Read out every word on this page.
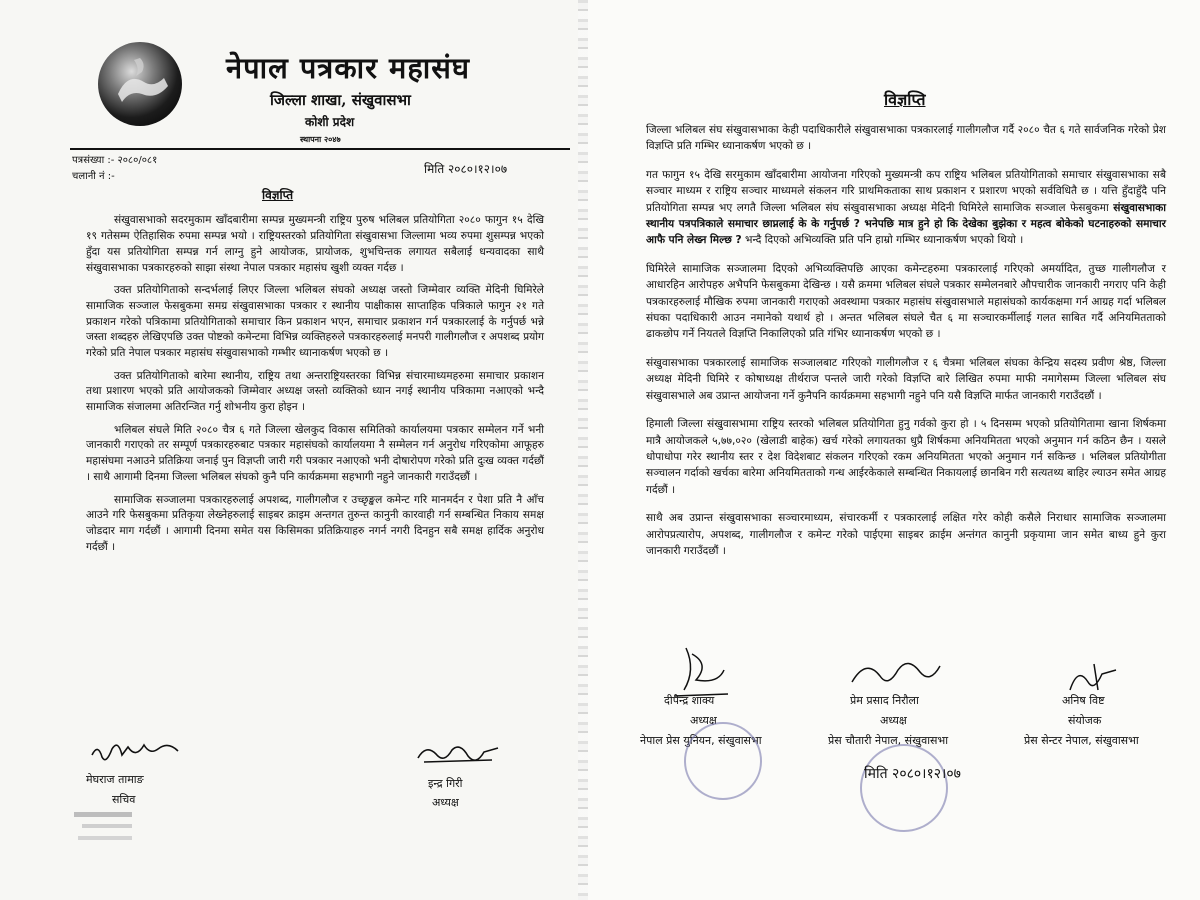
नेपाल पत्रकार महासंघ
जिल्ला शाखा, संखुवासभा
कोशी प्रदेश
स्थापना २०४७
पत्रसंख्या :- २०८०/०८१
चलानी नं :-
मिति २०८०।१२।०७
विज्ञप्ति

संखुवासभाको सदरमुकाम खाँदबारीमा सम्पन्न मुख्यमन्त्री राष्ट्रिय पुरुष भलिबल प्रतियोगिता २०८० फागुन १५ देखि १९ गतेसम्म ऐतिहासिक रुपमा सम्पन्न भयो । राष्ट्रियस्तरको प्रतियोगिता संखुवासभा जिल्लामा भव्य रुपमा शुसम्पन्न भएको हुँदा यस प्रतियोगिता सम्पन्न गर्न लाग्नु हुने आयोजक, प्रायोजक, शुभचिन्तक लगायत सबैलाई धन्यवादका साथै संखुवासभाका पत्रकारहरुको साझा संस्था नेपाल पत्रकार महासंघ खुशी व्यक्त गर्दछ ।

उक्त प्रतियोगिताको सन्दर्भलाई लिएर जिल्ला भलिबल संघको अध्यक्ष जस्तो जिम्मेवार व्यक्ति मेदिनी घिमिरेले सामाजिक सञ्जाल फेसबुकमा समग्र संखुवासभाका पत्रकार र स्थानीय पाक्षीकास साप्ताहिक पत्रिकाले फागुन २१ गते प्रकाशन गरेको पत्रिकामा प्रतियोगिताको समाचार किन प्रकाशन भएन, समाचार प्रकाशन गर्न पत्रकारलाई के गर्नुपर्छ भन्ने जस्ता शब्दहरु लेखिएपछि उक्त पोष्टको कमेन्टमा विभिन्न व्यक्तिहरुले पत्रकारहरुलाई मनपरी गालीगलौज र अपशब्द प्रयोग गरेको प्रति नेपाल पत्रकार महासंघ संखुवासभाको गम्भीर ध्यानाकर्षण भएको छ ।

उक्त प्रतियोगिताको बारेमा स्थानीय, राष्ट्रिय तथा अन्तराष्ट्रियस्तरका विभिन्न संचारमाध्यमहरुमा समाचार प्रकाशन तथा प्रशारण भएको प्रति आयोजकको जिम्मेवार अध्यक्ष जस्तो व्यक्तिको ध्यान नगई स्थानीय पत्रिकामा नआएको भन्दै सामाजिक संजालमा अतिरन्जित गर्नु शोभनीय कुरा होइन ।

भलिबल संघले मिति २०८० चैत्र ६ गते जिल्ला खेलकुद विकास समितिको कार्यालयमा पत्रकार सम्मेलन गर्ने भनी जानकारी गराएको तर सम्पूर्ण पत्रकारहरुबाट पत्रकार महासंघको कार्यालयमा नै सम्मेलन गर्न अनुरोध गरिएकोमा आफूहरु महासंघमा नआउने प्रतिक्रिया जनाई पुन विज्ञप्ती जारी गरी पत्रकार नआएको भनी दोषारोपण गरेको प्रति दुःख व्यक्त गर्दछौं । साथै आगामी दिनमा जिल्ला भलिबल संघको कुनै पनि कार्यक्रममा सहभागी नहुने जानकारी गराउँदछौं ।

सामाजिक सञ्जालमा पत्रकारहरुलाई अपशब्द, गालीगलौज र उच्छृङ्खल कमेन्ट गरि मानमर्दन र पेशा प्रति नै आँच आउने गरि फेसबुकमा प्रतिकृया लेख्नेहरुलाई साइबर क्राइम अन्तगत तुरुन्त कानुनी कारवाही गर्न सम्बन्धित निकाय समक्ष जोडदार माग गर्दछौं । आगामी दिनमा समेत यस किसिमका प्रतिक्रियाहरु नगर्न नगरी दिनहुन सबै समक्ष हार्दिक अनुरोध गर्दछौं ।

मेघराज तामाङ
सचिव
इन्द्र गिरी
अध्यक्ष
विज्ञप्ति

जिल्ला भलिबल संघ संखुवासभाका केही पदाधिकारीले संखुवासभाका पत्रकारलाई गालीगलौज गर्दै २०८० चैत ६ गते सार्वजनिक गरेको प्रेश विज्ञप्ति प्रति गम्भिर ध्यानाकर्षण भएको छ ।

गत फागुन १५ देखि सरमुकाम खाँदबारीमा आयोजना गरिएको मुख्यमन्त्री कप राष्ट्रिय भलिबल प्रतियोगिताको समाचार संखुवासभाका सबै सञ्चार माध्यम र राष्ट्रिय सञ्चार माध्यमले संकलन गरि प्राथमिकताका साथ प्रकाशन र प्रशारण भएको सर्वविधितै छ । यत्ति हुँदाहुँदै पनि प्रतियोगिता सम्पन्न भए लगतै जिल्ला भलिबल संघ संखुवासभाका अध्यक्ष मेदिनी घिमिरेले सामाजिक सञ्जाल फेसबुकमा संखुवासभाका स्थानीय पत्रपत्रिकाले समाचार छाप्नलाई के के गर्नुपर्छ ? भनेपछि मात्र हुने हो कि देखेका बुझेका र महत्व बोकेको घटनाहरुको समाचार आफै पनि लेख्न मिल्छ ? भन्दै दिएको अभिव्यक्ति प्रति पनि हाम्रो गम्भिर ध्यानाकर्षण भएको थियो ।

घिमिरेले सामाजिक सञ्जालमा दिएको अभिव्यक्तिपछि आएका कमेन्टहरुमा पत्रकारलाई गरिएको अमर्यादित, तुच्छ गालीगलौज र आधारहिन आरोपहरु अभैपनि फेसबुकमा देखिन्छ । यसै क्रममा भलिबल संघले पत्रकार सम्मेलनबारे औपचारीक जानकारी नगराए पनि केही पत्रकारहरुलाई मौखिक रुपमा जानकारी गराएको अवस्थामा पत्रकार महासंघ संखुवासभाले महासंघको कार्यकक्षमा गर्न आग्रह गर्दा भलिबल संघका पदाधिकारी आउन नमानेको यथार्थ हो । अन्तत भलिबल संघले चैत ६ मा सञ्चारकर्मीलाई गलत साबित गर्दै अनियमितताको ढाकछोप गर्ने नियतले विज्ञप्ति निकालिएको प्रति गंभिर ध्यानाकर्षण भएको छ ।

संखुवासभाका पत्रकारलाई सामाजिक सञ्जालबाट गरिएको गालीगलौज र ६ चैत्रमा भलिबल संघका केन्द्रिय सदस्य प्रवीण श्रेष्ठ, जिल्ला अध्यक्ष मेदिनी घिमिरे र कोषाध्यक्ष तीर्थराज पन्तले जारी गरेको विज्ञप्ति बारे लिखित रुपमा माफी नमागेसम्म जिल्ला भलिबल संघ संखुवासभाले अब उप्रान्त आयोजना गर्ने कुनैपनि कार्यक्रममा सहभागी नहुने पनि यसै विज्ञप्ति मार्फत जानकारी गराउँदछौं ।

हिमाली जिल्ला संखुवासभामा राष्ट्रिय स्तरको भलिबल प्रतियोगिता हुनु गर्वको कुरा हो । ५ दिनसम्म भएको प्रतियोगितामा खाना शिर्षकमा मात्रै आयोजकले ५,७७,०२० (खेलाडी बाहेक) खर्च गरेको लगायतका धुप्रै शिर्षकमा अनियमितता भएको अनुमान गर्न कठिन छैन । यसले धोपाधोपा गरेर स्थानीय स्तर र देश विदेशबाट संकलन गरिएको रकम अनियमितता भएको अनुमान गर्न सकिन्छ । भलिबल प्रतियोगीता सञ्चालन गर्दाको खर्चका बारेमा अनियमितताको गन्ध आईरकेकाले सम्बन्धित निकायलाई छानबिन गरी सत्यतथ्य बाहिर ल्याउन समेत आग्रह गर्दछौं ।

साथै अब उप्रान्त संखुवासभाका सञ्चारमाध्यम, संचारकर्मी र पत्रकारलाई लक्षित गरेर कोही कसैले निराधार सामाजिक सञ्जालमा आरोपप्रत्यारोप, अपशब्द, गालीगलौज र कमेन्ट गरेको पाईएमा साइबर क्राईम अन्तंगत कानुनी प्रकृयामा जान समेत बाध्य हुने कुरा जानकारी गराउँदछौं ।

दीपेन्द्र शाक्य
अध्यक्ष
नेपाल प्रेस युनियन, संखुवासभा
प्रेम प्रसाद निरौला
अध्यक्ष
प्रेस चौतारी नेपाल, संखुवासभा
अनिष विष्ट
संयोजक
प्रेस सेन्टर नेपाल, संखुवासभा
मिति २०८०।१२।०७
